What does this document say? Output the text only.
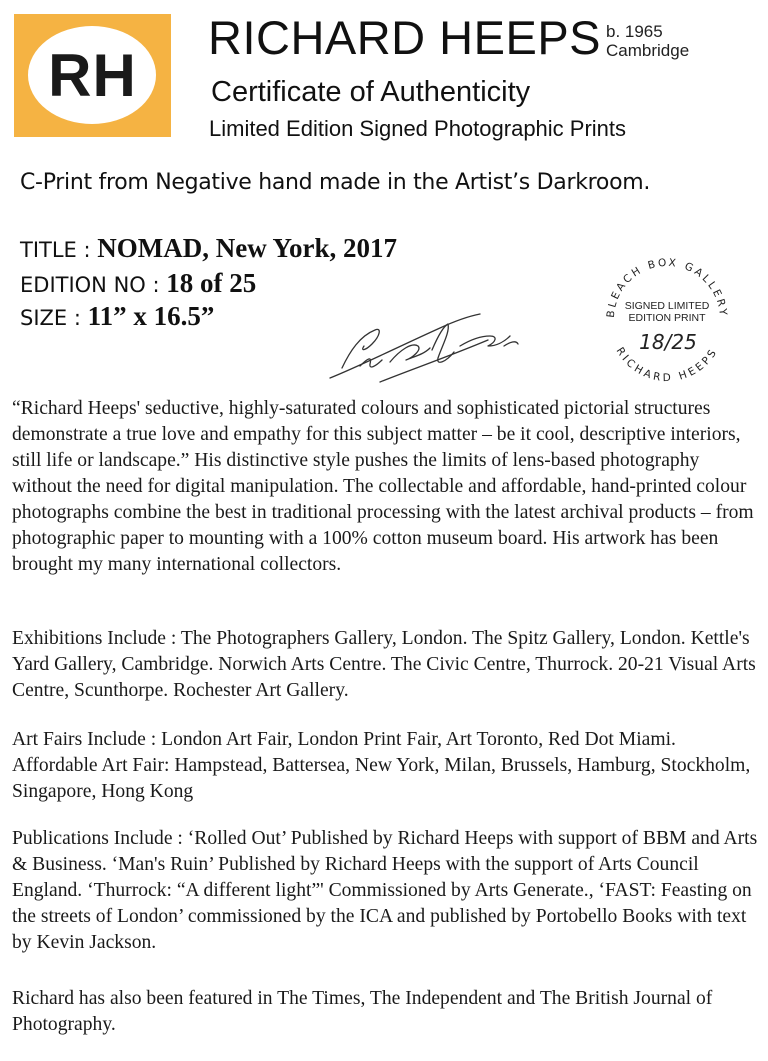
RH
RICHARD HEEPS b. 1965
Cambridge
Certificate of Authenticity
Limited Edition Signed Photographic Prints
C-Print from Negative hand made in the Artist’s Darkroom.
TITLE : NOMAD, New York, 2017
EDITION NO : 18 of 25
SIZE : 11” x 16.5”	BLEACH BOX GALLERY
RICHARD HEEPS
SIGNED LIMITED
EDITION PRINT
18/25

“Richard Heeps' seductive, highly-saturated colours and sophisticated pictorial structures demonstrate a true love and empathy for this subject matter – be it cool, descriptive interiors, still life or landscape.” His distinctive style pushes the limits of lens-based photography without the need for digital manipulation. The collectable and affordable, hand-printed colour photographs combine the best in traditional processing with the latest archival products – from photographic paper to mounting with a 100% cotton museum board. His artwork has been brought my many international collectors.

Exhibitions Include : The Photographers Gallery, London. The Spitz Gallery, London. Kettle's Yard Gallery, Cambridge. Norwich Arts Centre. The Civic Centre, Thurrock. 20-21 Visual Arts Centre, Scunthorpe. Rochester Art Gallery.

Art Fairs Include : London Art Fair, London Print Fair, Art Toronto, Red Dot Miami. Affordable Art Fair: Hampstead, Battersea, New York, Milan, Brussels, Hamburg, Stockholm, Singapore, Hong Kong

Publications Include : ‘Rolled Out’ Published by Richard Heeps with support of BBM and Arts & Business. ‘Man's Ruin’ Published by Richard Heeps with the support of Arts Council England. ‘Thurrock: “A different light”' Commissioned by Arts Generate., ‘FAST: Feasting on the streets of London’ commissioned by the ICA and published by Portobello Books with text by Kevin Jackson.

Richard has also been featured in The Times, The Independent and The British Journal of Photography.
